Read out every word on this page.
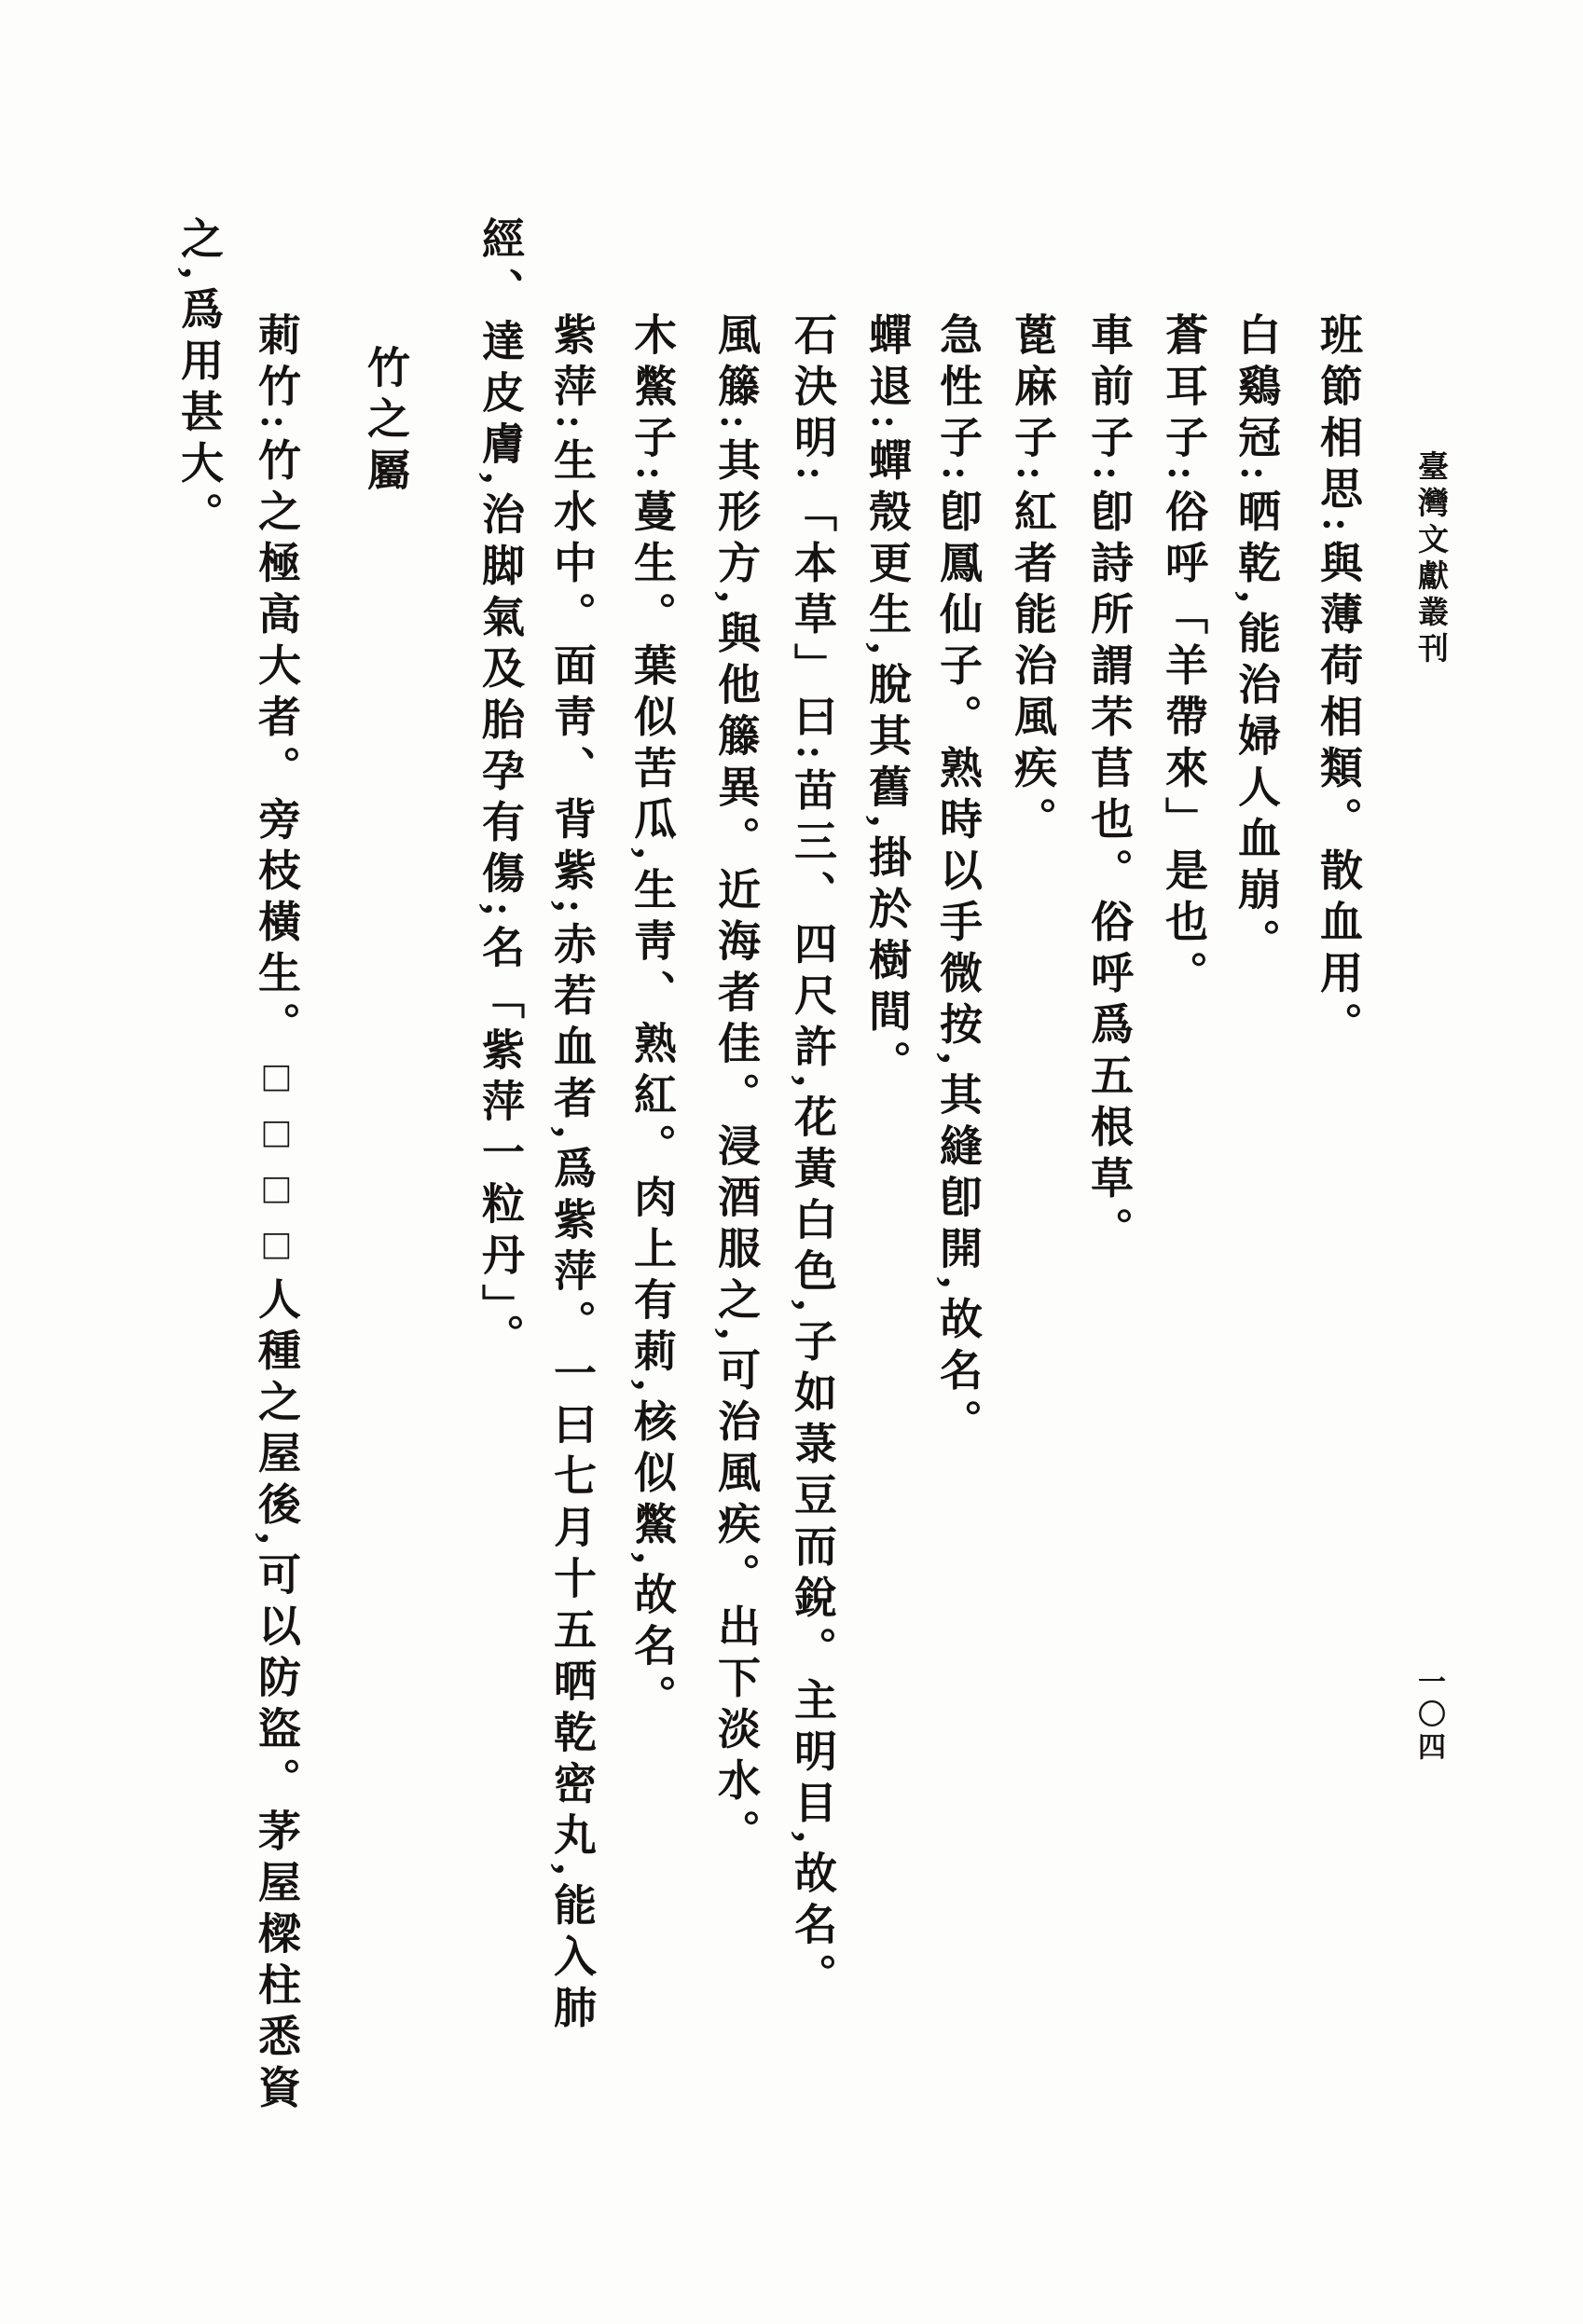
臺灣文獻叢刊
一〇四
班節相思:與薄荷相類。散血用。
白鷄冠:晒乾,能治婦人血崩。
蒼耳子:俗呼「羊帶來」是也。
車前子:卽詩所謂芣苢也。俗呼爲五根草。
蓖麻子:紅者能治風疾。
急性子:卽鳳仙子。熟時以手微按,其縫卽開,故名。
蟬退:蟬殼更生,脫其舊,掛於樹間。
石決明:「本草」曰:苗三、四尺許,花黃白色,子如菉豆而銳。主明目,故名。
風籐:其形方,與他籐異。近海者佳。浸酒服之,可治風疾。出下淡水。
木鱉子:蔓生。葉似苦瓜,生靑、熟紅。肉上有莿,核似鱉,故名。
紫萍:生水中。面靑、背紫;赤若血者,爲紫萍。一曰七月十五晒乾密丸,能入肺
經、達皮膚,治脚氣及胎孕有傷;名「紫萍一粒丹」。
竹之屬
莿竹:竹之極高大者。旁枝橫生。□□□□人種之屋後,可以防盜。茅屋樑柱悉資
之,爲用甚大。
